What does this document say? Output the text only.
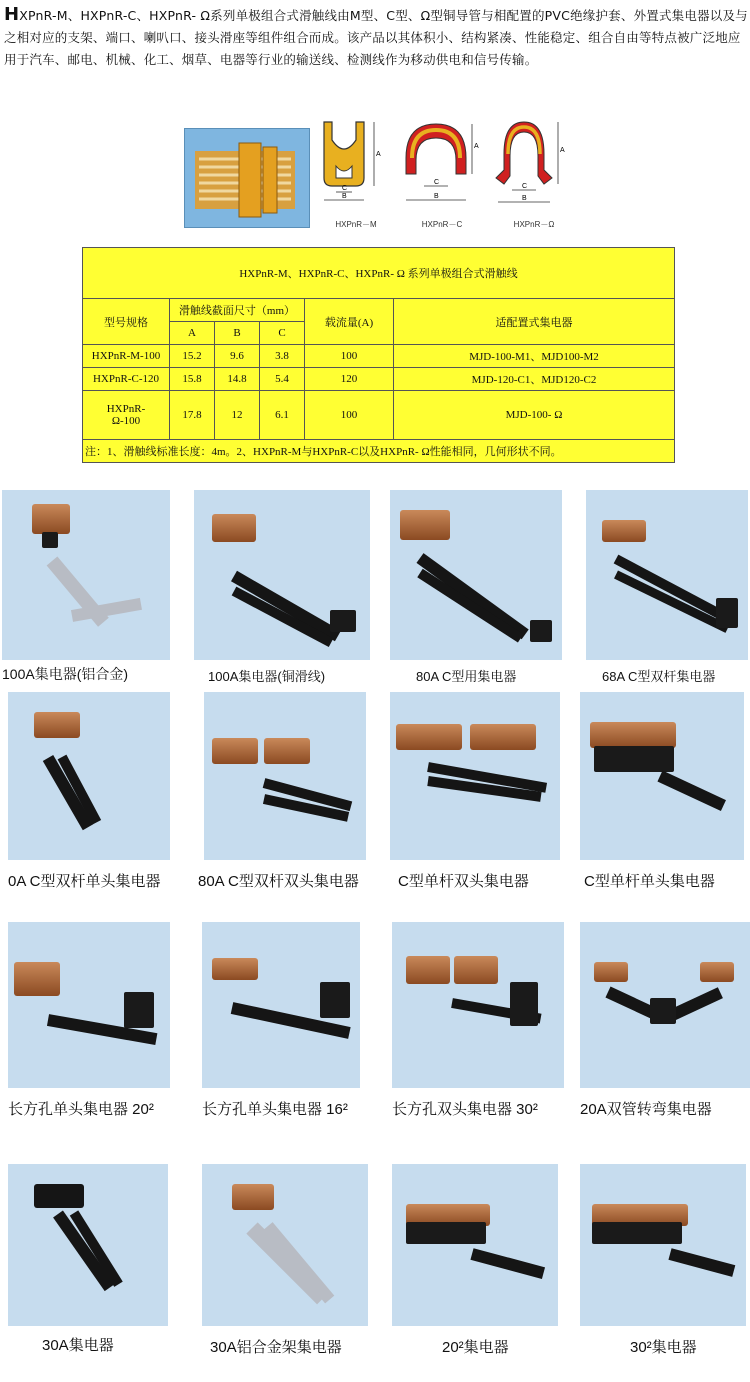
HXPnR-M、HXPnR-C、HXPnR- Ω系列单极组合式滑触线由M型、C型、Ω型铜导管与相配置的PVC绝缘护套、外置式集电器以及与之相对应的支架、端口、喇叭口、接头滑座等组件组合而成。该产品以其体积小、结构紧凑、性能稳定、组合自由等特点被广泛地应用于汽车、邮电、机械、化工、烟草、电器等行业的输送线、检测线作为移动供电和信号传输。
A
B
C
HXPnR－M
A
B
C
HXPnR－C
A
B
C
HXPnR－Ω
HXPnR-M、HXPnR-C、HXPnR- Ω 系列单极组合式滑触线					
型号规格	滑触线截面尺寸（mm）			载流量(A)	适配置式集电器
	A	B	C		
HXPnR-M-100	15.2	9.6	3.8	100	MJD-100-M1、MJD100-M2
HXPnR-C-120	15.8	14.8	5.4	120	MJD-120-C1、MJD120-C2
HXPnR-
Ω-100	17.8	12	6.1	100	MJD-100- Ω
注：1、滑触线标准长度：4m。2、HXPnR-M与HXPnR-C以及HXPnR- Ω性能相同，几何形状不同。					
100A集电器(铝合金)	100A集电器(铜滑线)	80A C型用集电器	68A C型双杆集电器
0A C型双杆单头集电器 80A C型双杆双头集电器	C型单杆双头集电器	C型单杆单头集电器
长方孔单头集电器 20²	长方孔单头集电器 16²	长方孔双头集电器 30²	20A双管转弯集电器
30A集电器	30A铝合金架集电器	20²集电器	30²集电器
